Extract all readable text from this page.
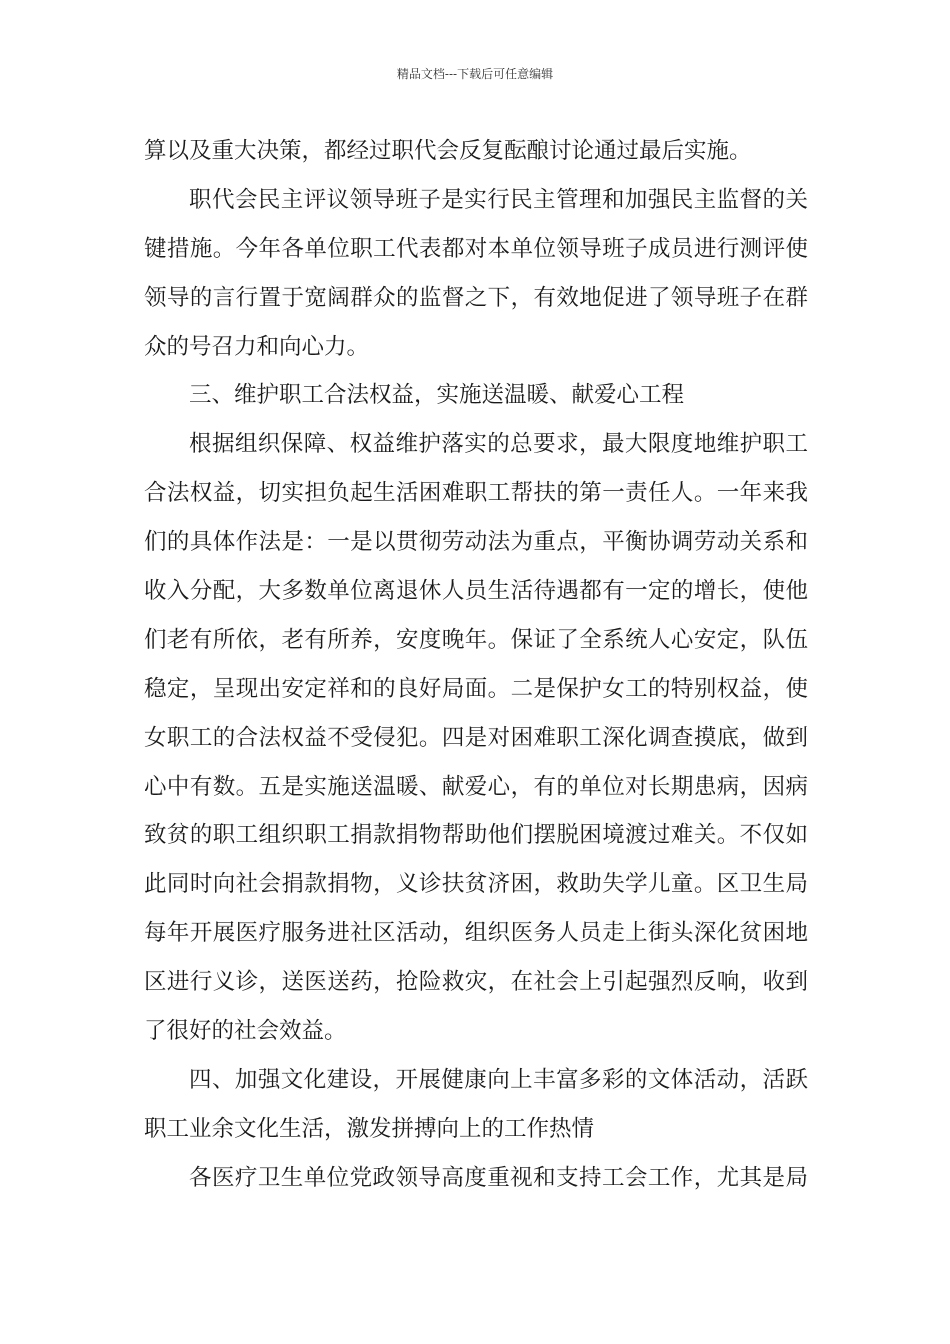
精品文档---下载后可任意编辑
算以及重大决策，都经过职代会反复酝酿讨论通过最后实施。
职代会民主评议领导班子是实行民主管理和加强民主监督的关
键措施。今年各单位职工代表都对本单位领导班子成员进行测评使
领导的言行置于宽阔群众的监督之下，有效地促进了领导班子在群
众的号召力和向心力。
三、维护职工合法权益，实施送温暖、献爱心工程
根据组织保障、权益维护落实的总要求，最大限度地维护职工
合法权益，切实担负起生活困难职工帮扶的第一责任人。一年来我
们的具体作法是：一是以贯彻劳动法为重点，平衡协调劳动关系和
收入分配，大多数单位离退休人员生活待遇都有一定的增长，使他
们老有所依，老有所养，安度晚年。保证了全系统人心安定，队伍
稳定，呈现出安定祥和的良好局面。二是保护女工的特别权益，使
女职工的合法权益不受侵犯。四是对困难职工深化调查摸底，做到
心中有数。五是实施送温暖、献爱心，有的单位对长期患病，因病
致贫的职工组织职工捐款捐物帮助他们摆脱困境渡过难关。不仅如
此同时向社会捐款捐物，义诊扶贫济困，救助失学儿童。区卫生局
每年开展医疗服务进社区活动，组织医务人员走上街头深化贫困地
区进行义诊，送医送药，抢险救灾，在社会上引起强烈反响，收到
了很好的社会效益。
四、加强文化建设，开展健康向上丰富多彩的文体活动，活跃
职工业余文化生活，激发拼搏向上的工作热情
各医疗卫生单位党政领导高度重视和支持工会工作，尤其是局
